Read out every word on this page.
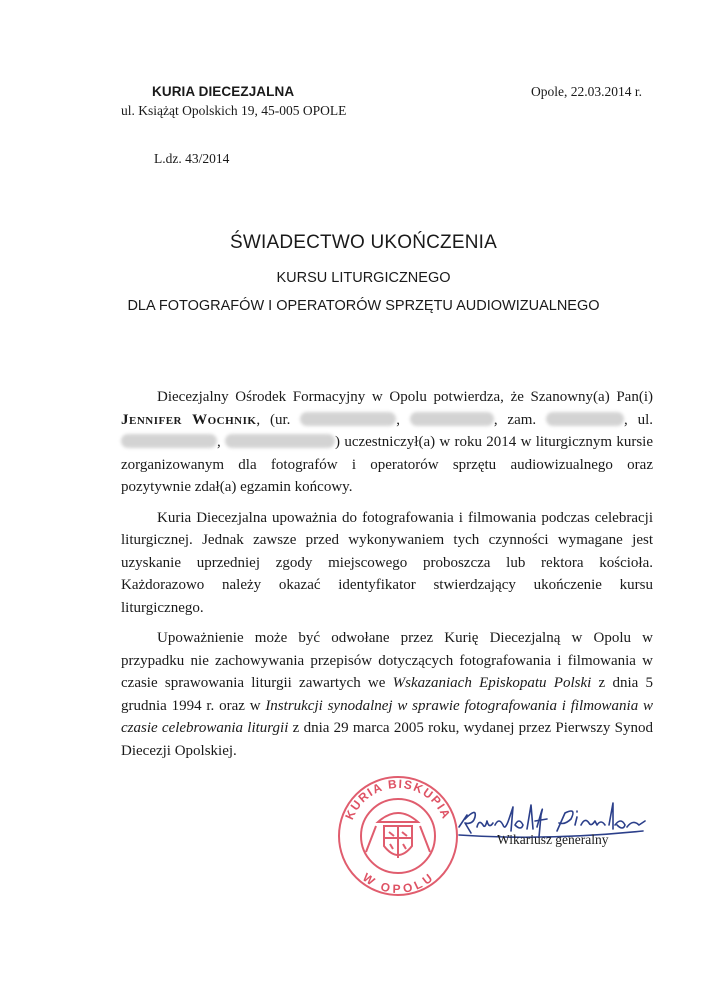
KURIA DIECEZJALNA
ul. Książąt Opolskich 19, 45-005 OPOLE
Opole, 22.03.2014 r.
L.dz. 43/2014
ŚWIADECTWO UKOŃCZENIA
KURSU LITURGICZNEGO
DLA FOTOGRAFÓW I OPERATORÓW SPRZĘTU AUDIOWIZUALNEGO

Diecezjalny Ośrodek Formacyjny w Opolu potwierdza, że Szanowny(a) Pan(i) Jennifer Wochnik, (ur.	,	, zam.	, ul. ,	) uczestniczył(a) w roku 2014 w liturgicznym kursie zorganizowanym dla fotografów i operatorów sprzętu audiowizualnego oraz pozytywnie zdał(a) egzamin końcowy.

Kuria Diecezjalna upoważnia do fotografowania i filmowania podczas celebracji liturgicznej. Jednak zawsze przed wykonywaniem tych czynności wymagane jest uzyskanie uprzedniej zgody miejscowego proboszcza lub rektora kościoła. Każdorazowo należy okazać identyfikator stwierdzający ukończenie kursu liturgicznego.

Upoważnienie może być odwołane przez Kurię Diecezjalną w Opolu w przypadku nie zachowywania przepisów dotyczących fotografowania i filmowania w czasie sprawowania liturgii zawartych we Wskazaniach Episkopatu Polski z dnia 5 grudnia 1994 r. oraz w Instrukcji synodalnej w sprawie fotografowania i filmowania w czasie celebrowania liturgii z dnia 29 marca 2005 roku, wydanej przez Pierwszy Synod Diecezji Opolskiej.

KURIA BISKUPIA
W OPOLU
Wikariusz generalny
